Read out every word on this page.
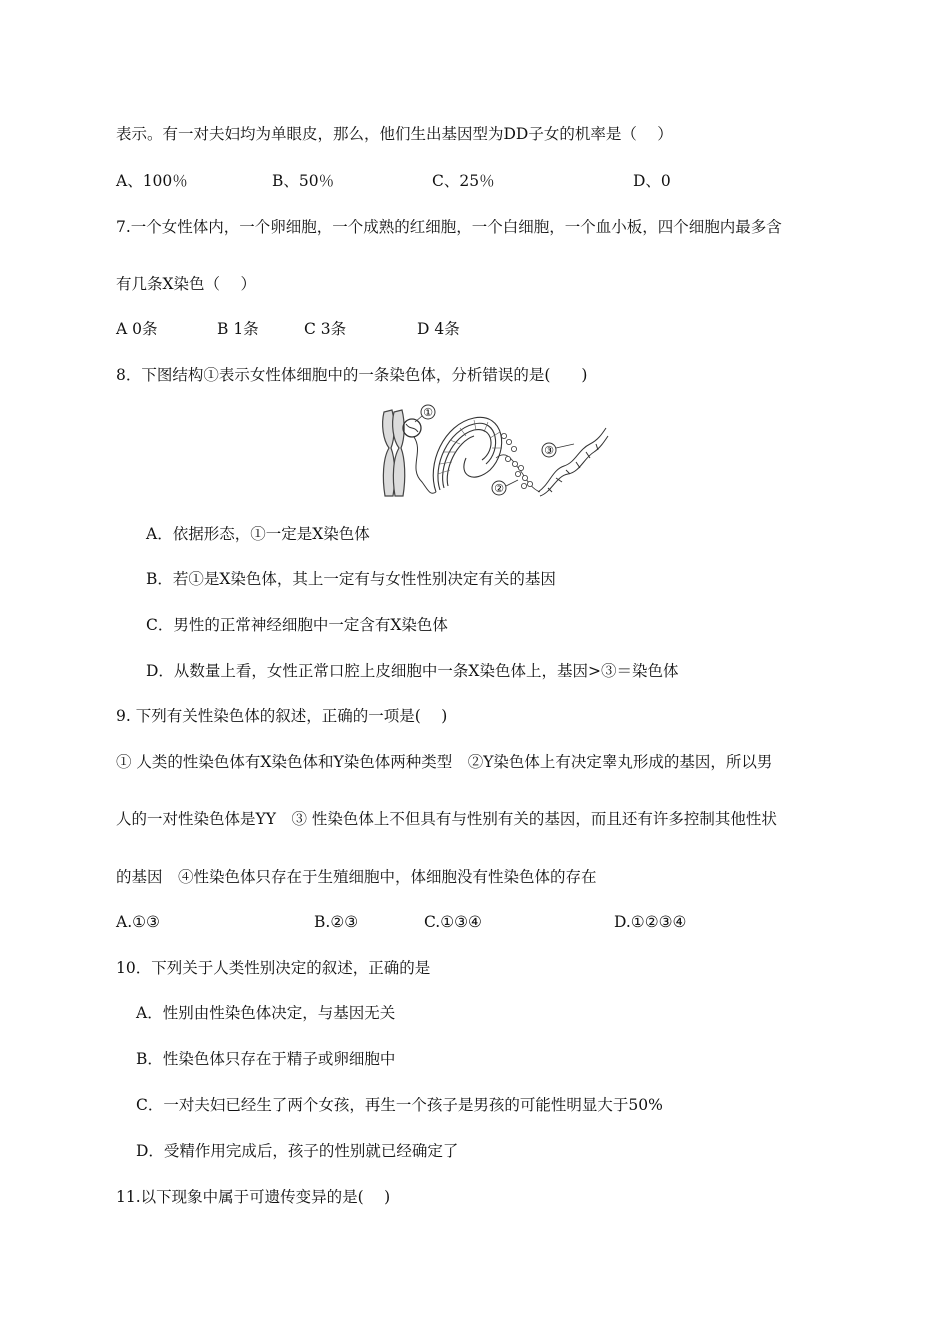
表示。有一对夫妇均为单眼皮，那么，他们生出基因型为DD子女的机率是（　 ）
A、100％	B、50％	C、25％	D、0
7.一个女性体内，一个卵细胞，一个成熟的红细胞，一个白细胞，一个血小板，四个细胞内最多含
有几条X染色（　 ）
A 0条	B 1条	C 3条	D 4条
8．下图结构①表示女性体细胞中的一条染色体，分析错误的是(　　)
①
②
③
A．依据形态，①一定是X染色体
B．若①是X染色体，其上一定有与女性性别决定有关的基因
C．男性的正常神经细胞中一定含有X染色体
D．从数量上看，女性正常口腔上皮细胞中一条X染色体上，基因>③＝染色体
9. 下列有关性染色体的叙述，正确的一项是(　 )
① 人类的性染色体有X染色体和Y染色体两种类型　②Y染色体上有决定睾丸形成的基因，所以男
人的一对性染色体是YY　③ 性染色体上不但具有与性别有关的基因，而且还有许多控制其他性状
的基因　④性染色体只存在于生殖细胞中，体细胞没有性染色体的存在
A.①③	B.②③	C.①③④	D.①②③④
10．下列关于人类性别决定的叙述，正确的是
A．性别由性染色体决定，与基因无关
B．性染色体只存在于精子或卵细胞中
C．一对夫妇已经生了两个女孩，再生一个孩子是男孩的可能性明显大于50%
D．受精作用完成后，孩子的性别就已经确定了
11.以下现象中属于可遗传变异的是(　 )
